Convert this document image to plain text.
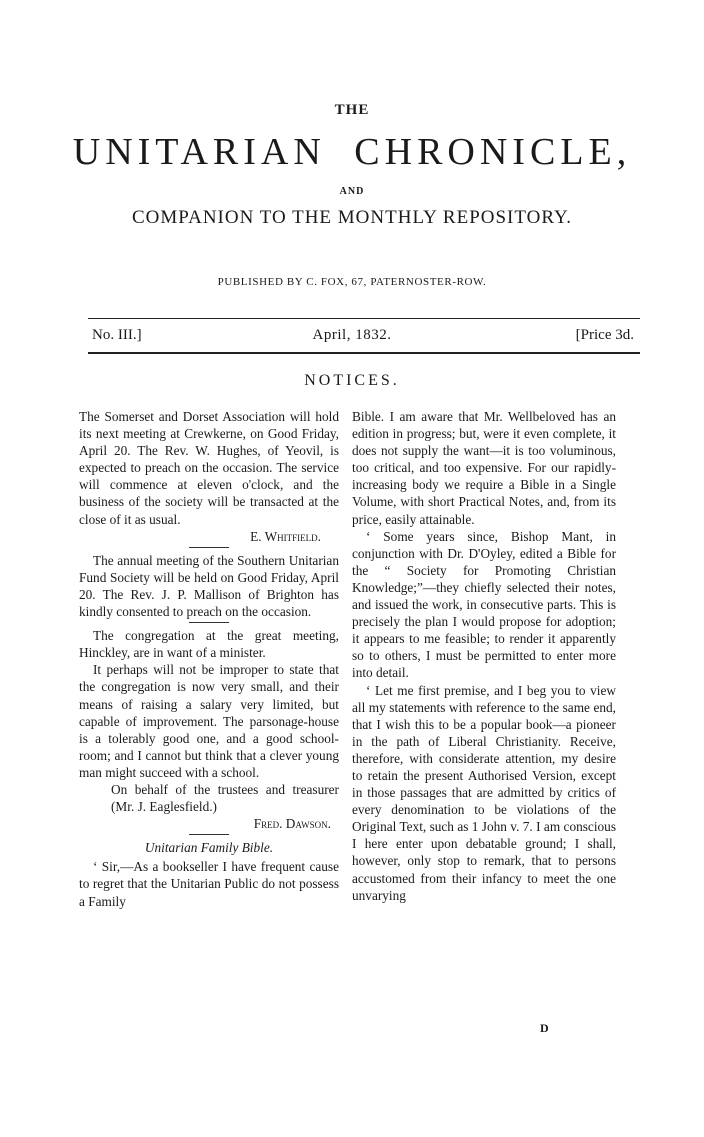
THE
UNITARIAN CHRONICLE,
AND
COMPANION TO THE MONTHLY REPOSITORY.
PUBLISHED BY C. FOX, 67, PATERNOSTER-ROW.
No. III.]	April, 1832.	[Price 3d.
NOTICES.

The Somerset and Dorset Association will hold its next meeting at Crewkerne, on Good Friday, April 20. The Rev. W. Hughes, of Yeovil, is expected to preach on the occasion. The service will commence at eleven o'clock, and the business of the society will be transacted at the close of it as usual.

E. Whitfield.

The annual meeting of the Southern Unitarian Fund Society will be held on Good Friday, April 20. The Rev. J. P. Mallison of Brighton has kindly consented to preach on the occasion.

The congregation at the great meeting, Hinckley, are in want of a minister.

It perhaps will not be improper to state that the congregation is now very small, and their means of raising a salary very limited, but capable of improvement. The parsonage-house is a tolerably good one, and a good school-room; and I cannot but think that a clever young man might succeed with a school.

On behalf of the trustees and treasurer (Mr. J. Eaglesfield.)

Fred. Dawson.

Unitarian Family Bible.

‘ Sir,—As a bookseller I have frequent cause to regret that the Unitarian Public do not possess a Family

Bible. I am aware that Mr. Wellbeloved has an edition in progress; but, were it even complete, it does not supply the want—it is too voluminous, too critical, and too expensive. For our rapidly-increasing body we require a Bible in a Single Volume, with short Practical Notes, and, from its price, easily attainable.

‘ Some years since, Bishop Mant, in conjunction with Dr. D'Oyley, edited a Bible for the “ Society for Promoting Christian Knowledge;”—they chiefly selected their notes, and issued the work, in consecutive parts. This is precisely the plan I would propose for adoption; it appears to me feasible; to render it apparently so to others, I must be permitted to enter more into detail.

‘ Let me first premise, and I beg you to view all my statements with reference to the same end, that I wish this to be a popular book—a pioneer in the path of Liberal Christianity. Receive, therefore, with considerate attention, my desire to retain the present Authorised Version, except in those passages that are admitted by critics of every denomination to be violations of the Original Text, such as 1 John v. 7. I am conscious I here enter upon debatable ground; I shall, however, only stop to remark, that to persons accustomed from their infancy to meet the one unvarying

D
